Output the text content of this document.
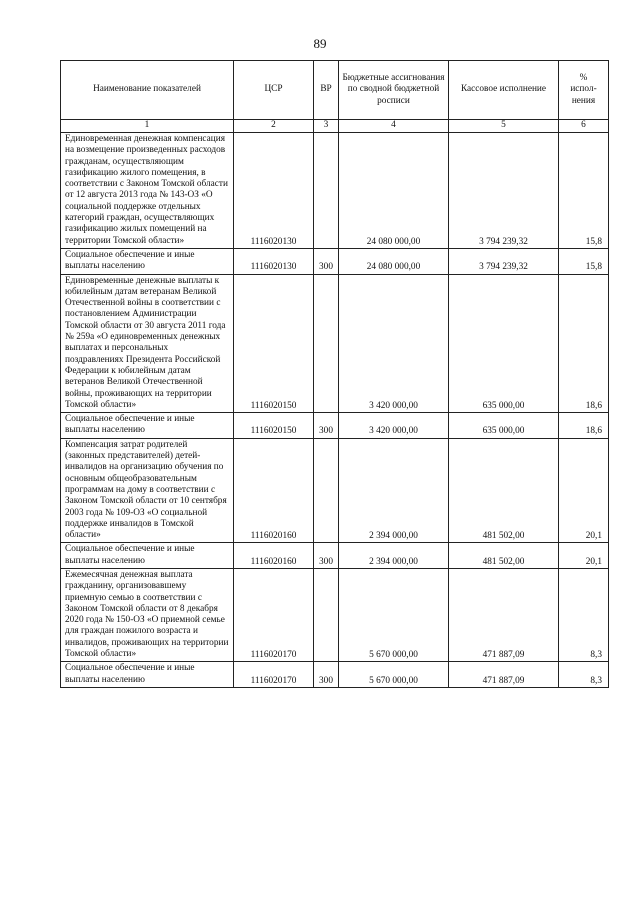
89
Наименование показателей	ЦСР	ВР	Бюджетные ассигнования по сводной бюджетной росписи	Кассовое исполнение	%
испол-
нения
1	2	3	4	5	6
Единовременная денежная компенсация на возмещение произведенных расходов гражданам, осуществляющим газификацию жилого помещения, в соответствии с Законом Томской области от 12 августа 2013 года № 143-ОЗ «О социальной поддержке отдельных категорий граждан, осуществляющих газификацию жилых помещений на территории Томской области»	1116020130		24 080 000,00	3 794 239,32	15,8
Социальное обеспечение и иные выплаты населению	1116020130	300	24 080 000,00	3 794 239,32	15,8
Единовременные денежные выплаты к юбилейным датам ветеранам Великой Отечественной войны в соответствии с постановлением Администрации Томской области от 30 августа 2011 года № 259а «О единовременных денежных выплатах и персональных поздравлениях Президента Российской Федерации к юбилейным датам ветеранов Великой Отечественной войны, проживающих на территории Томской области»	1116020150		3 420 000,00	635 000,00	18,6
Социальное обеспечение и иные выплаты населению	1116020150	300	3 420 000,00	635 000,00	18,6
Компенсация затрат родителей (законных представителей) детей-инвалидов на организацию обучения по основным общеобразовательным программам на дому в соответствии с Законом Томской области от 10 сентября 2003 года № 109-ОЗ «О социальной поддержке инвалидов в Томской области»	1116020160		2 394 000,00	481 502,00	20,1
Социальное обеспечение и иные выплаты населению	1116020160	300	2 394 000,00	481 502,00	20,1
Ежемесячная денежная выплата гражданину, организовавшему приемную семью в соответствии с Законом Томской области от 8 декабря 2020 года № 150-ОЗ «О приемной семье для граждан пожилого возраста и инвалидов, проживающих на территории Томской области»	1116020170		5 670 000,00	471 887,09	8,3
Социальное обеспечение и иные выплаты населению	1116020170	300	5 670 000,00	471 887,09	8,3
